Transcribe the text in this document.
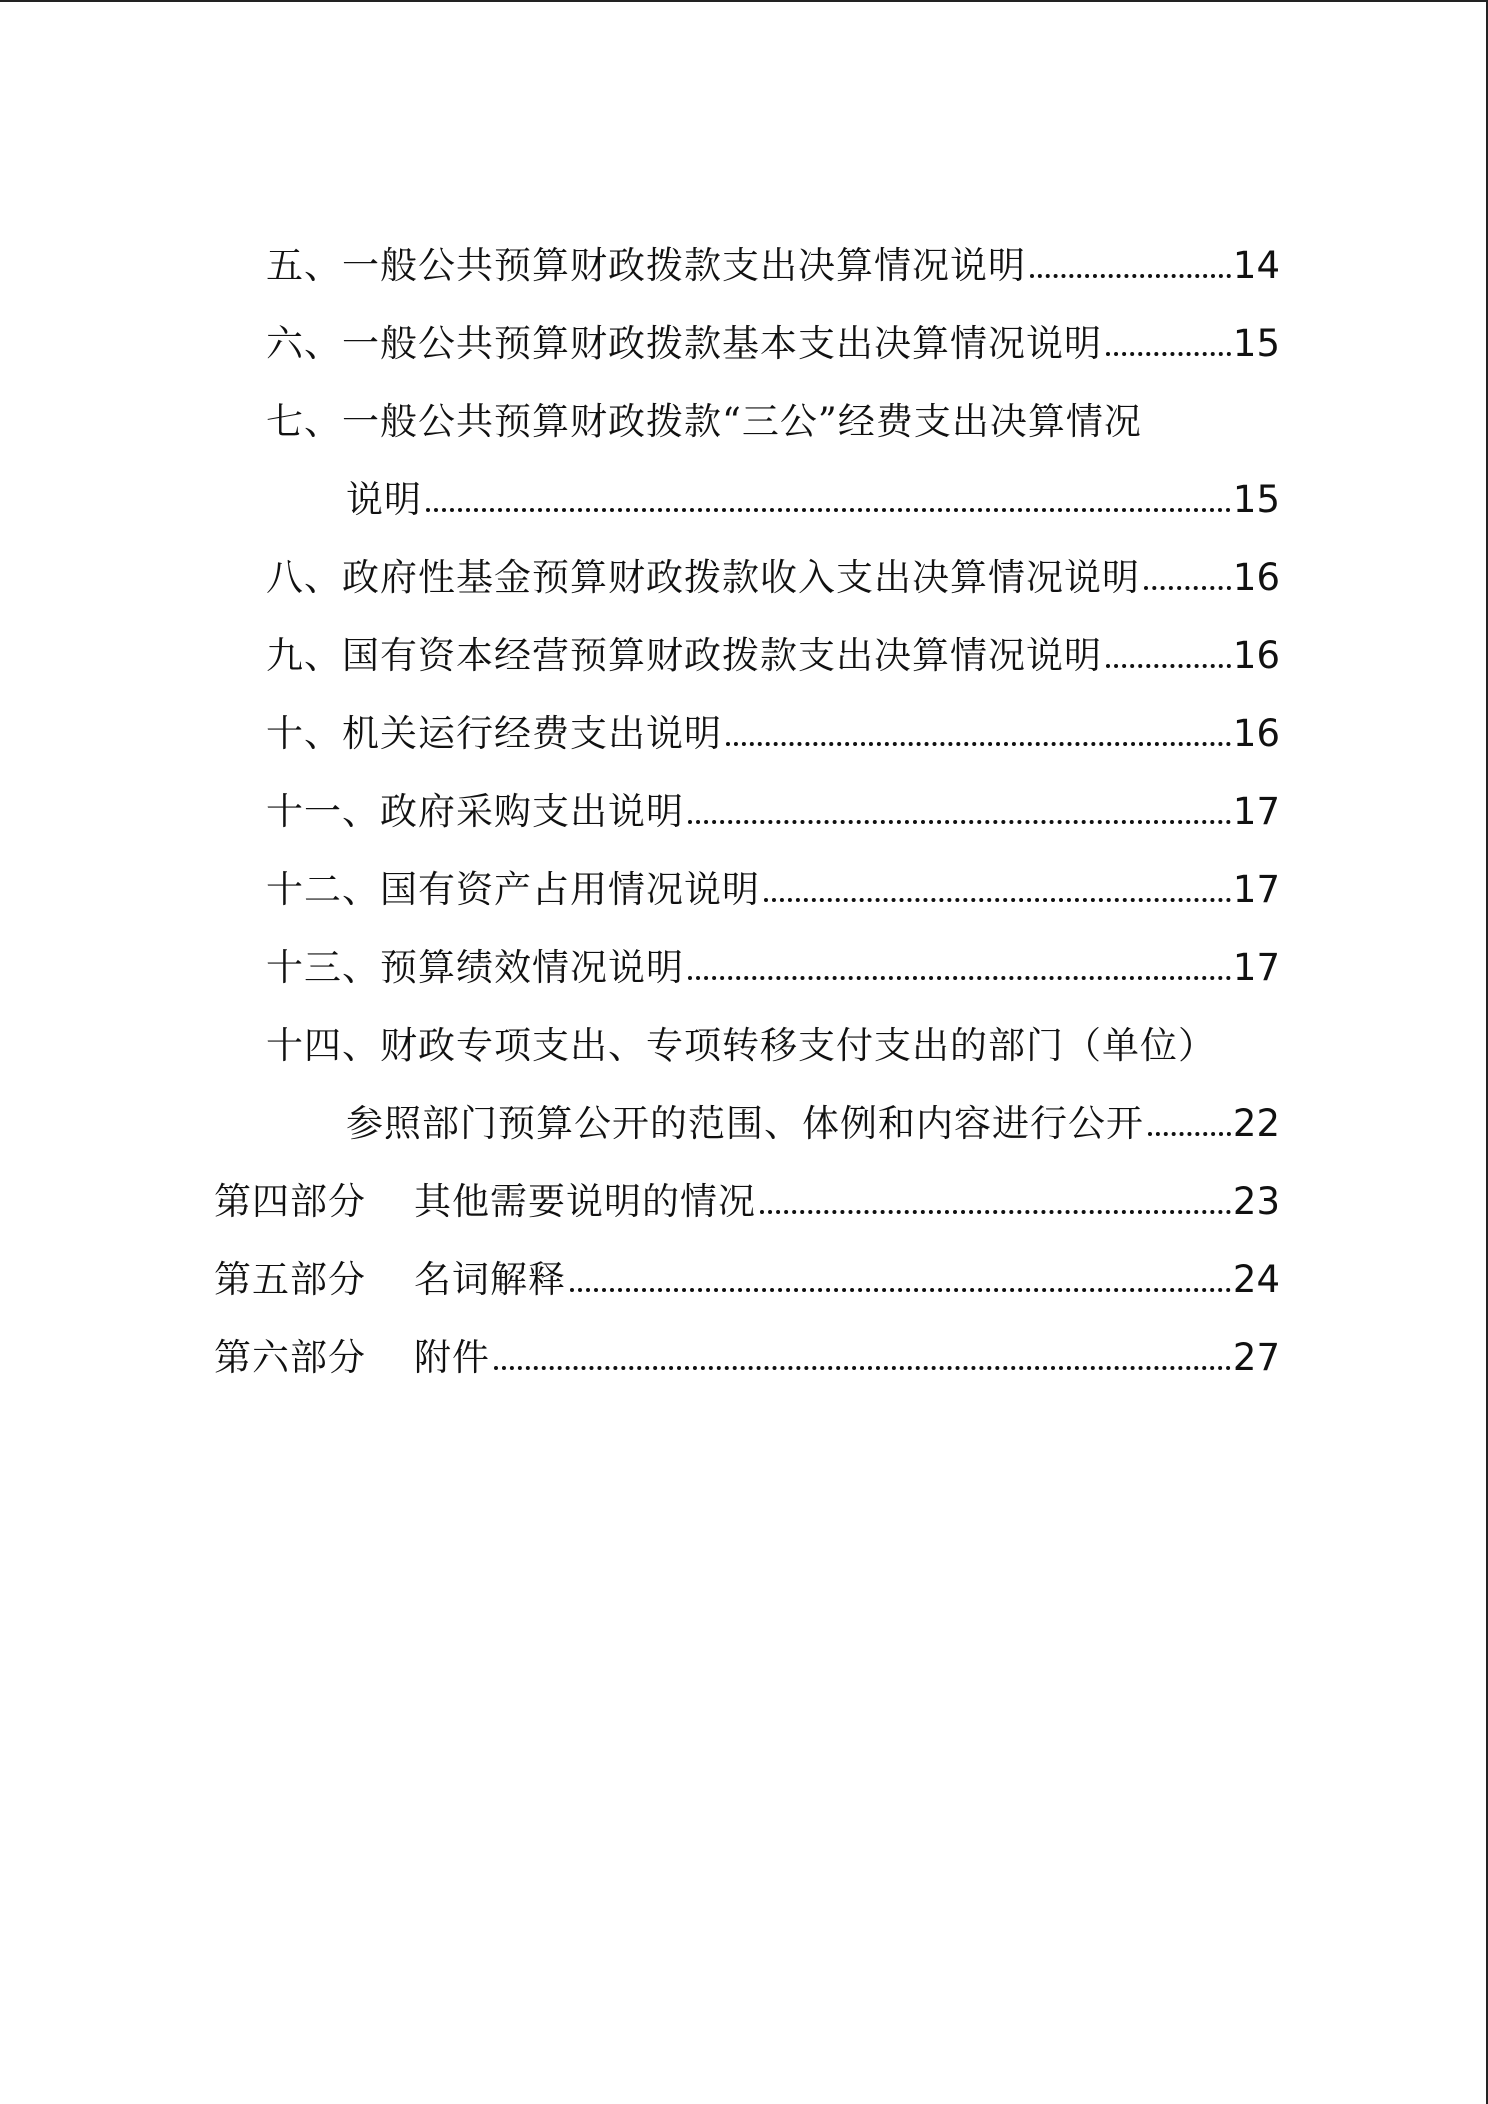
五、一般公共预算财政拨款支出决算情况说明	14
六、一般公共预算财政拨款基本支出决算情况说明	15
七、一般公共预算财政拨款“三公”经费支出决算情况
说明	15
八、政府性基金预算财政拨款收入支出决算情况说明	16
九、国有资本经营预算财政拨款支出决算情况说明	16
十、机关运行经费支出说明	16
十一、政府采购支出说明	17
十二、国有资产占用情况说明	17
十三、预算绩效情况说明	17
十四、财政专项支出、专项转移支付支出的部门（单位）
参照部门预算公开的范围、体例和内容进行公开 22
第四部分 其他需要说明的情况	23
第五部分 名词解释	24
第六部分 附件	27
